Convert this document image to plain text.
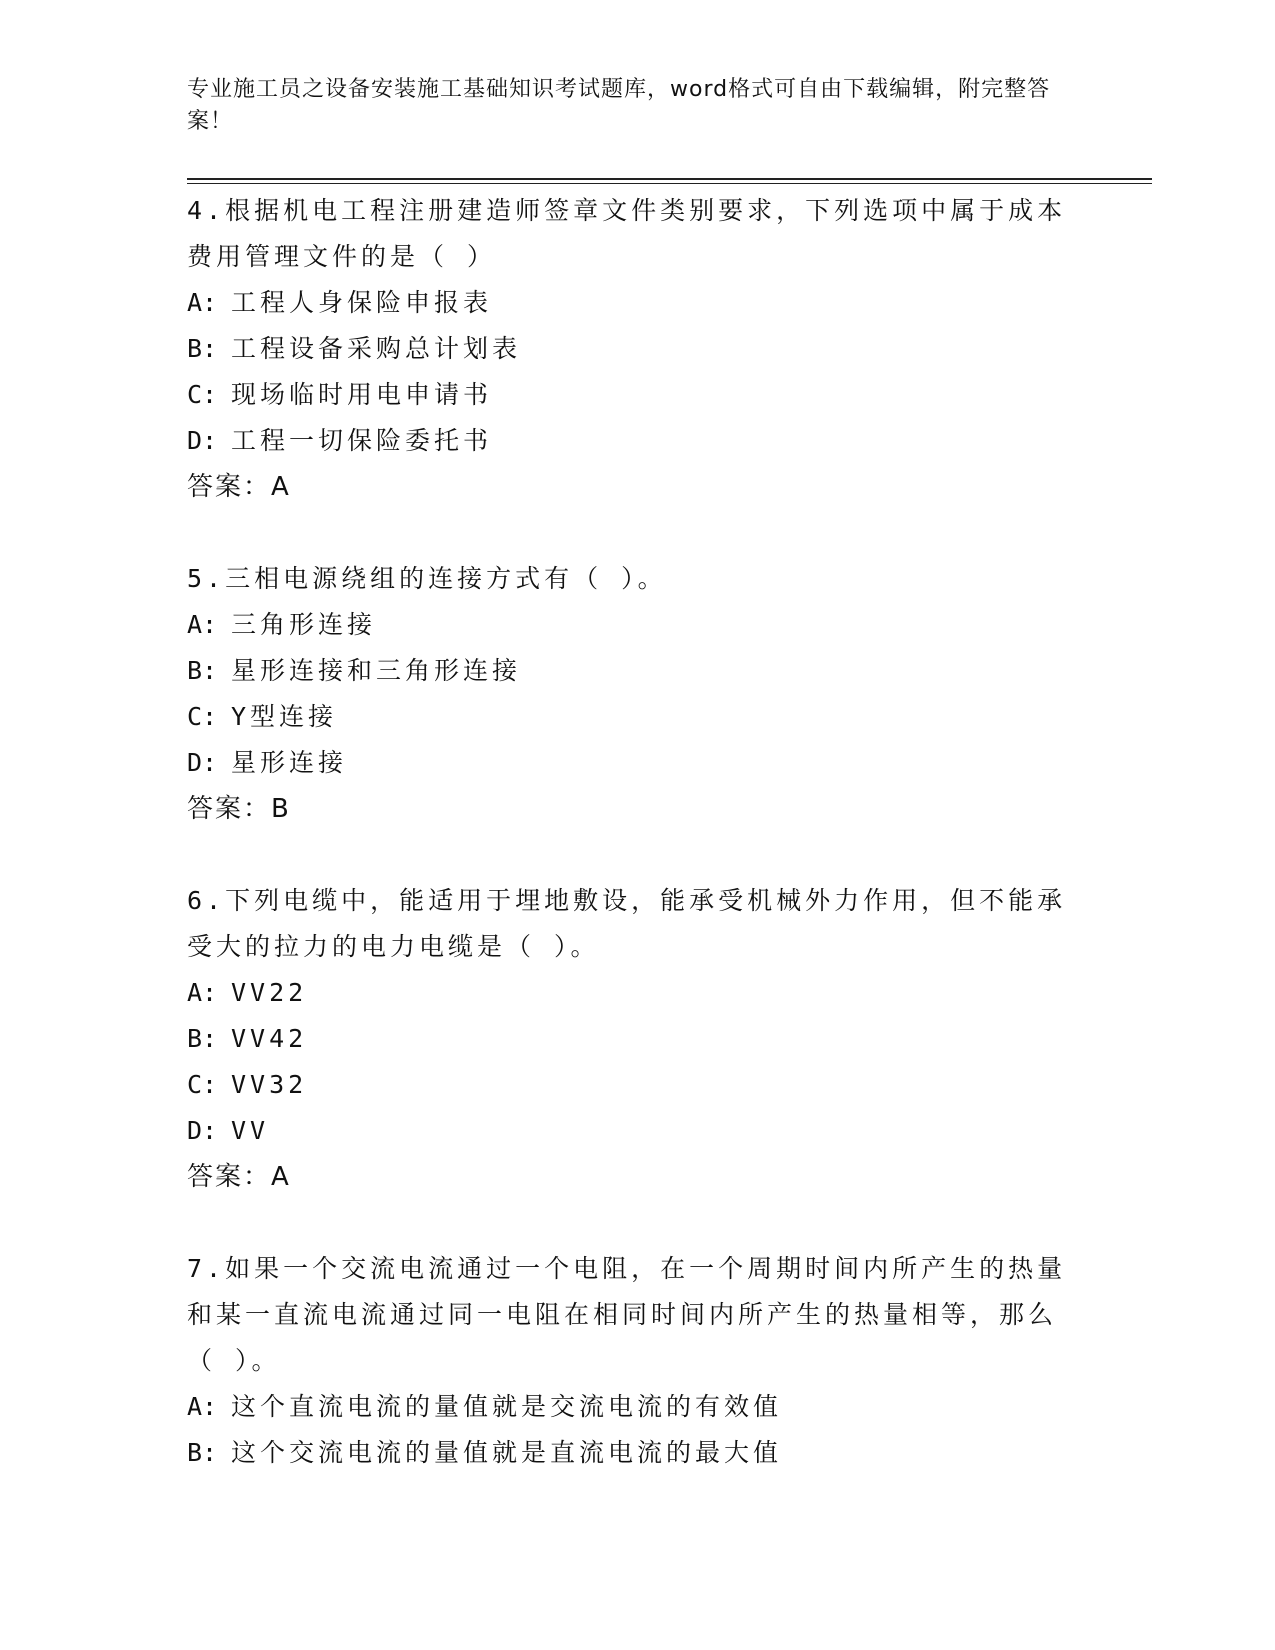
专业施工员之设备安装施工基础知识考试题库，word格式可自由下载编辑，附完整答案！
4.根据机电工程注册建造师签章文件类别要求，下列选项中属于成本费用管理文件的是（ ）
A: 工程人身保险申报表
B: 工程设备采购总计划表
C: 现场临时用电申请书
D: 工程一切保险委托书
答案：A
5.三相电源绕组的连接方式有（ ）。
A: 三角形连接
B: 星形连接和三角形连接
C: Y型连接
D: 星形连接
答案：B
6.下列电缆中，能适用于埋地敷设，能承受机械外力作用，但不能承受大的拉力的电力电缆是（ ）。
A: VV22
B: VV42
C: VV32
D: VV
答案：A
7.如果一个交流电流通过一个电阻，在一个周期时间内所产生的热量和某一直流电流通过同一电阻在相同时间内所产生的热量相等，那么（ ）。
A: 这个直流电流的量值就是交流电流的有效值
B: 这个交流电流的量值就是直流电流的最大值
